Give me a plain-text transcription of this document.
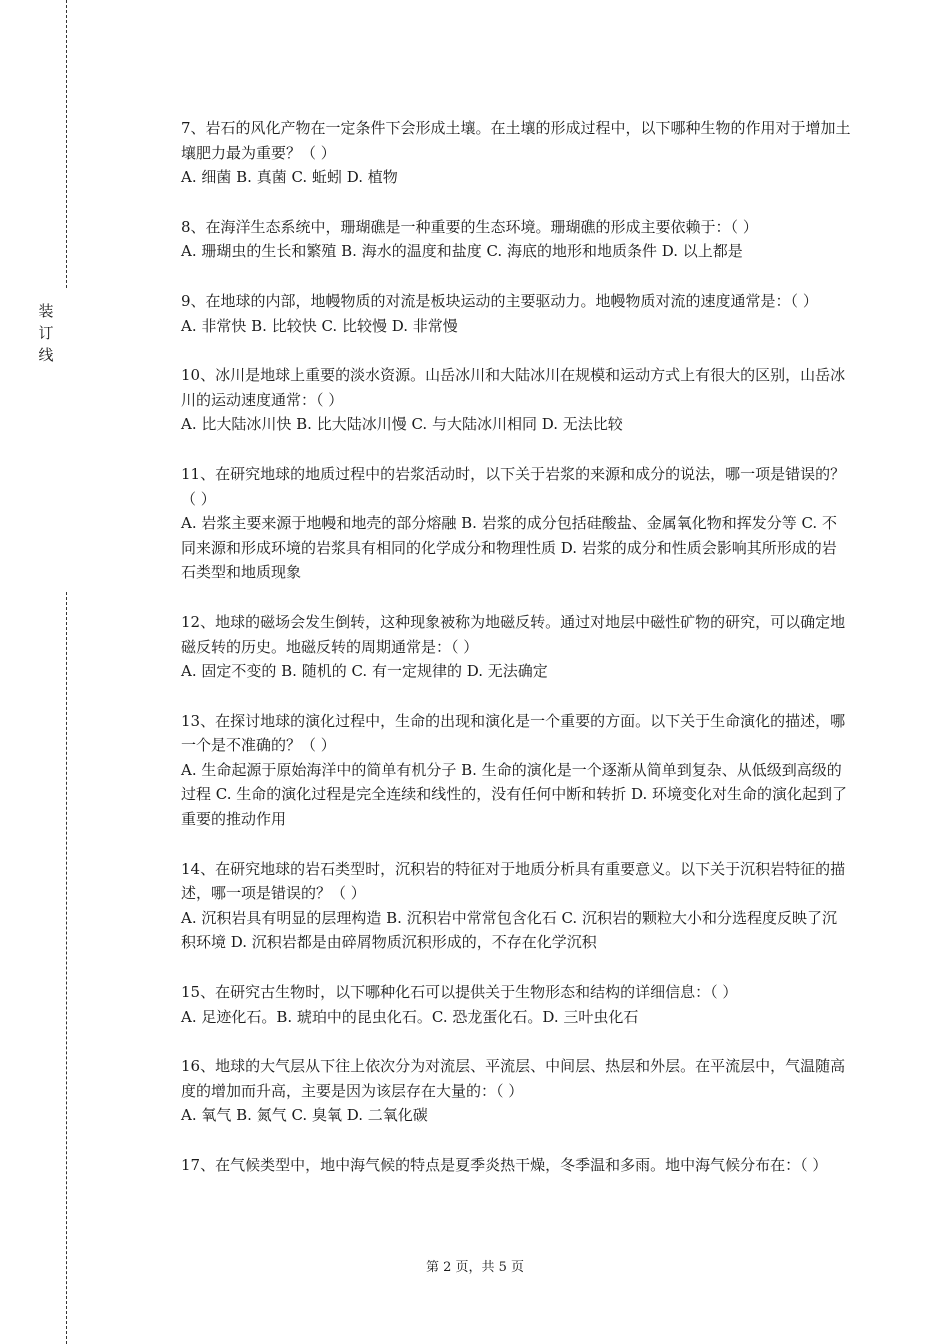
装
订
线

7、岩石的风化产物在一定条件下会形成土壤。在土壤的形成过程中，以下哪种生物的作用对于增加土壤肥力最为重要？（ ）

A. 细菌 B. 真菌 C. 蚯蚓 D. 植物

8、在海洋生态系统中，珊瑚礁是一种重要的生态环境。珊瑚礁的形成主要依赖于：（ ）

A. 珊瑚虫的生长和繁殖 B. 海水的温度和盐度 C. 海底的地形和地质条件 D. 以上都是

9、在地球的内部，地幔物质的对流是板块运动的主要驱动力。地幔物质对流的速度通常是：（ ）

A. 非常快 B. 比较快 C. 比较慢 D. 非常慢

10、冰川是地球上重要的淡水资源。山岳冰川和大陆冰川在规模和运动方式上有很大的区别，山岳冰川的运动速度通常：（ ）

A. 比大陆冰川快 B. 比大陆冰川慢 C. 与大陆冰川相同 D. 无法比较

11、在研究地球的地质过程中的岩浆活动时，以下关于岩浆的来源和成分的说法，哪一项是错误的？（ ）

A. 岩浆主要来源于地幔和地壳的部分熔融 B. 岩浆的成分包括硅酸盐、金属氧化物和挥发分等 C. 不同来源和形成环境的岩浆具有相同的化学成分和物理性质 D. 岩浆的成分和性质会影响其所形成的岩石类型和地质现象

12、地球的磁场会发生倒转，这种现象被称为地磁反转。通过对地层中磁性矿物的研究，可以确定地磁反转的历史。地磁反转的周期通常是：（ ）

A. 固定不变的 B. 随机的 C. 有一定规律的 D. 无法确定

13、在探讨地球的演化过程中，生命的出现和演化是一个重要的方面。以下关于生命演化的描述，哪一个是不准确的？（ ）

A. 生命起源于原始海洋中的简单有机分子 B. 生命的演化是一个逐渐从简单到复杂、从低级到高级的过程 C. 生命的演化过程是完全连续和线性的，没有任何中断和转折 D. 环境变化对生命的演化起到了重要的推动作用

14、在研究地球的岩石类型时，沉积岩的特征对于地质分析具有重要意义。以下关于沉积岩特征的描述，哪一项是错误的？（ ）

A. 沉积岩具有明显的层理构造 B. 沉积岩中常常包含化石 C. 沉积岩的颗粒大小和分选程度反映了沉积环境 D. 沉积岩都是由碎屑物质沉积形成的，不存在化学沉积

15、在研究古生物时，以下哪种化石可以提供关于生物形态和结构的详细信息：（ ）

A. 足迹化石。B. 琥珀中的昆虫化石。C. 恐龙蛋化石。D. 三叶虫化石

16、地球的大气层从下往上依次分为对流层、平流层、中间层、热层和外层。在平流层中，气温随高度的增加而升高，主要是因为该层存在大量的：（ ）

A. 氧气 B. 氮气 C. 臭氧 D. 二氧化碳

17、在气候类型中，地中海气候的特点是夏季炎热干燥，冬季温和多雨。地中海气候分布在：（ ）

第 2 页，共 5 页
